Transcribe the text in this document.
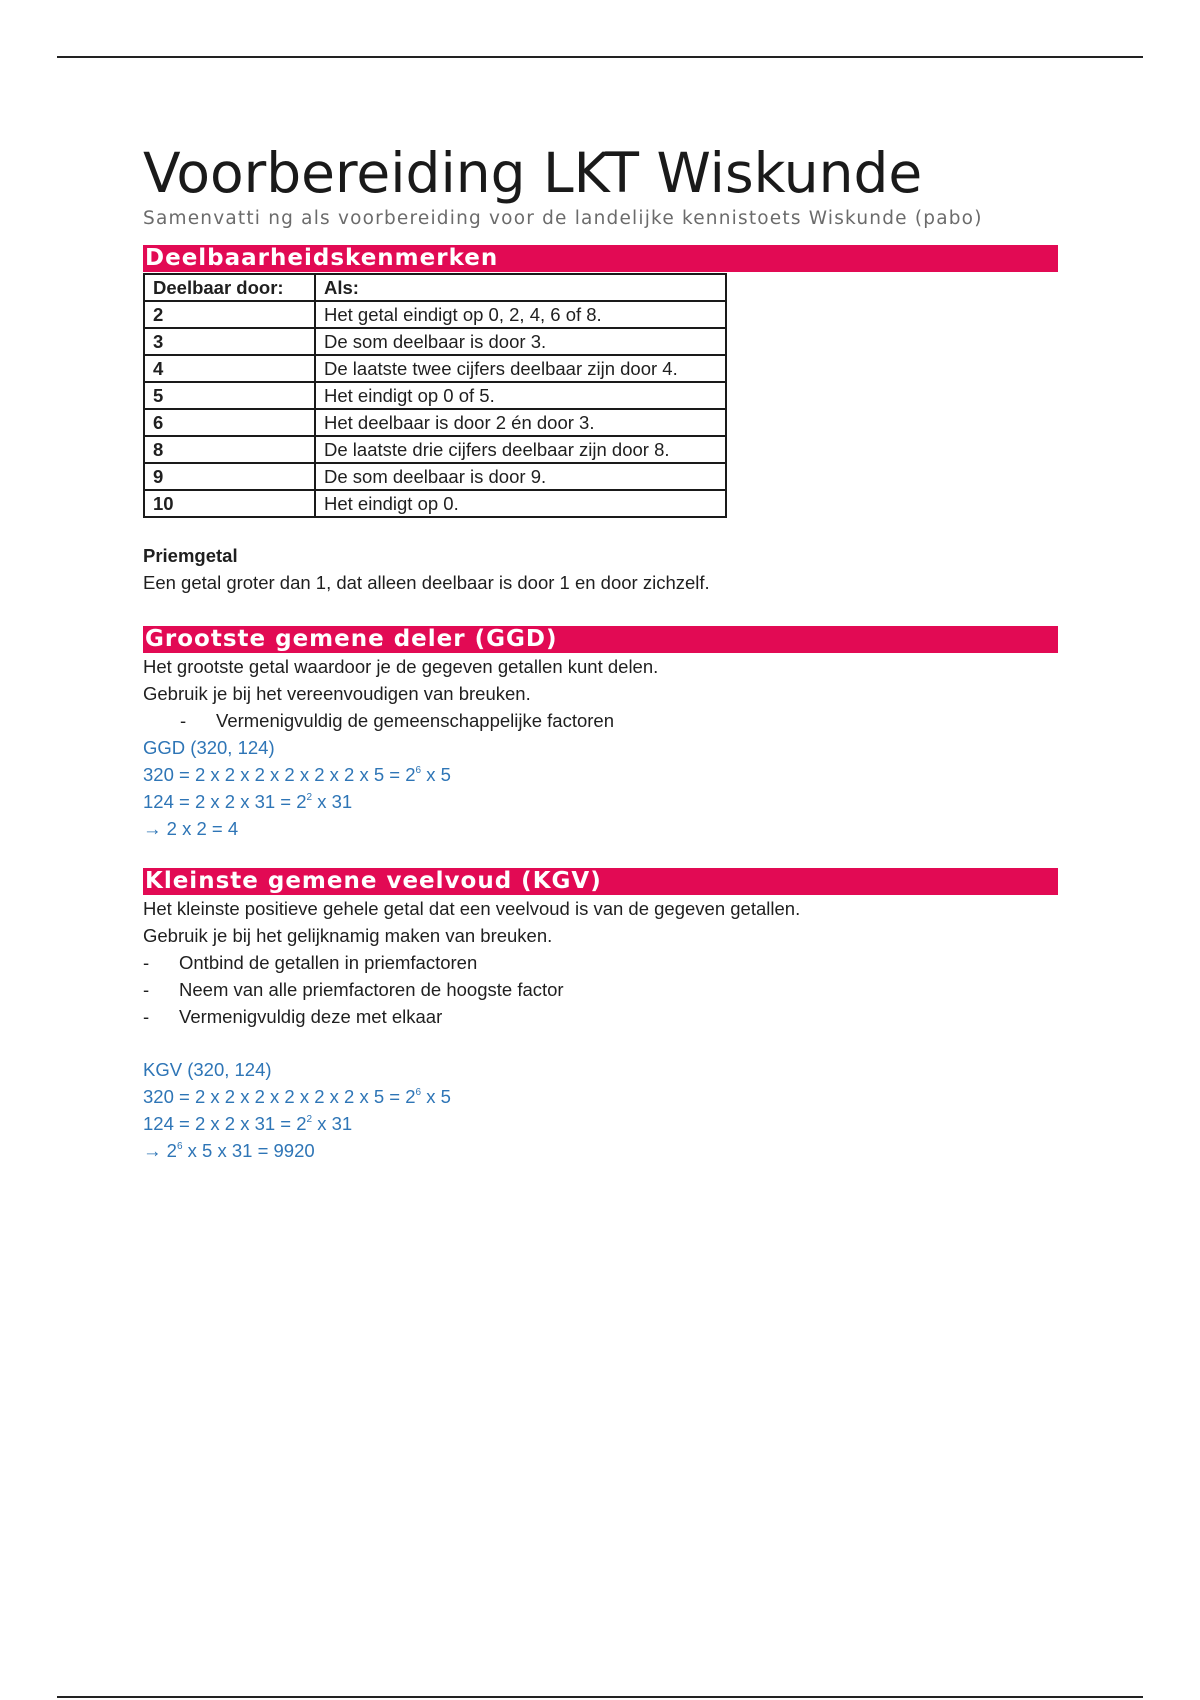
Voorbereiding LKT Wiskunde

Samenvatti ng als voorbereiding voor de landelijke kennistoets Wiskunde (pabo)

Deelbaarheidskenmerken
Deelbaar door:	Als:
2	Het getal eindigt op 0, 2, 4, 6 of 8.
3	De som deelbaar is door 3.
4	De laatste twee cijfers deelbaar zijn door 4.
5	Het eindigt op 0 of 5.
6	Het deelbaar is door 2 én door 3.
8	De laatste drie cijfers deelbaar zijn door 8.
9	De som deelbaar is door 9.
10	Het eindigt op 0.

Priemgetal

Een getal groter dan 1, dat alleen deelbaar is door 1 en door zichzelf.

Grootste gemene deler (GGD)

Het grootste getal waardoor je de gegeven getallen kunt delen.

Gebruik je bij het vereenvoudigen van breuken.

-	Vermenigvuldig de gemeenschappelijke factoren

GGD (320, 124)

320 = 2 x 2 x 2 x 2 x 2 x 2 x $5 = 2^6$ x 5

124 = 2 x 2 x $31 = 2^2$ x 31

→ 2 x 2 = 4

Kleinste gemene veelvoud (KGV)

Het kleinste positieve gehele getal dat een veelvoud is van de gegeven getallen.

Gebruik je bij het gelijknamig maken van breuken.

-	Ontbind de getallen in priemfactoren
-	Neem van alle priemfactoren de hoogste factor
-	Vermenigvuldig deze met elkaar

KGV (320, 124)

320 = 2 x 2 x 2 x 2 x 2 x 2 x $5 = 2^6$ x 5

124 = 2 x 2 x $31 = 2^2$ x 31

→ $2^6$ x 5 x 31 = 9920
